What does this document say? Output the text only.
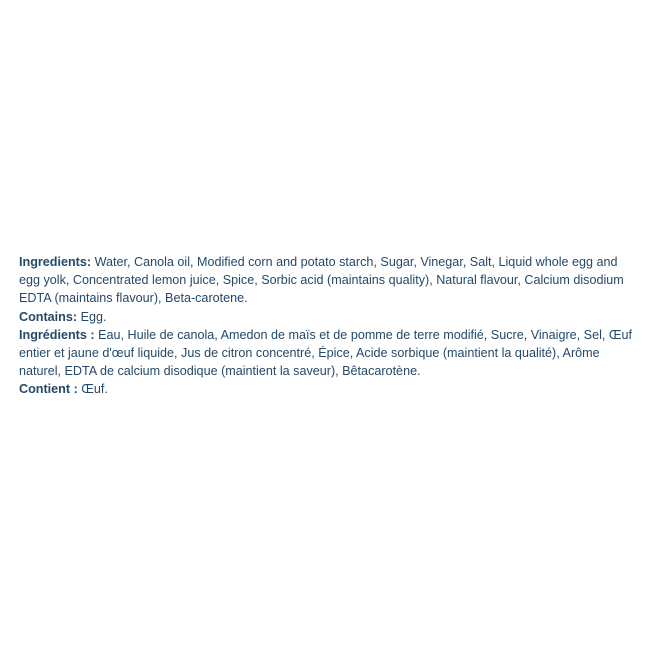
Ingredients: Water, Canola oil, Modified corn and potato starch, Sugar, Vinegar, Salt, Liquid whole egg and egg yolk, Concentrated lemon juice, Spice, Sorbic acid (maintains quality), Natural flavour, Calcium disodium EDTA (maintains flavour), Beta-carotene.

Contains: Egg.

Ingrédients : Eau, Huile de canola, Amedon de maïs et de pomme de terre modifié, Sucre, Vinaigre, Sel, Œuf entier et jaune d'œuf liquide, Jus de citron concentré, Épice, Acide sorbique (maintient la qualité), Arôme naturel, EDTA de calcium disodique (maintient la saveur), Bêtacarotène.

Contient : Œuf.
